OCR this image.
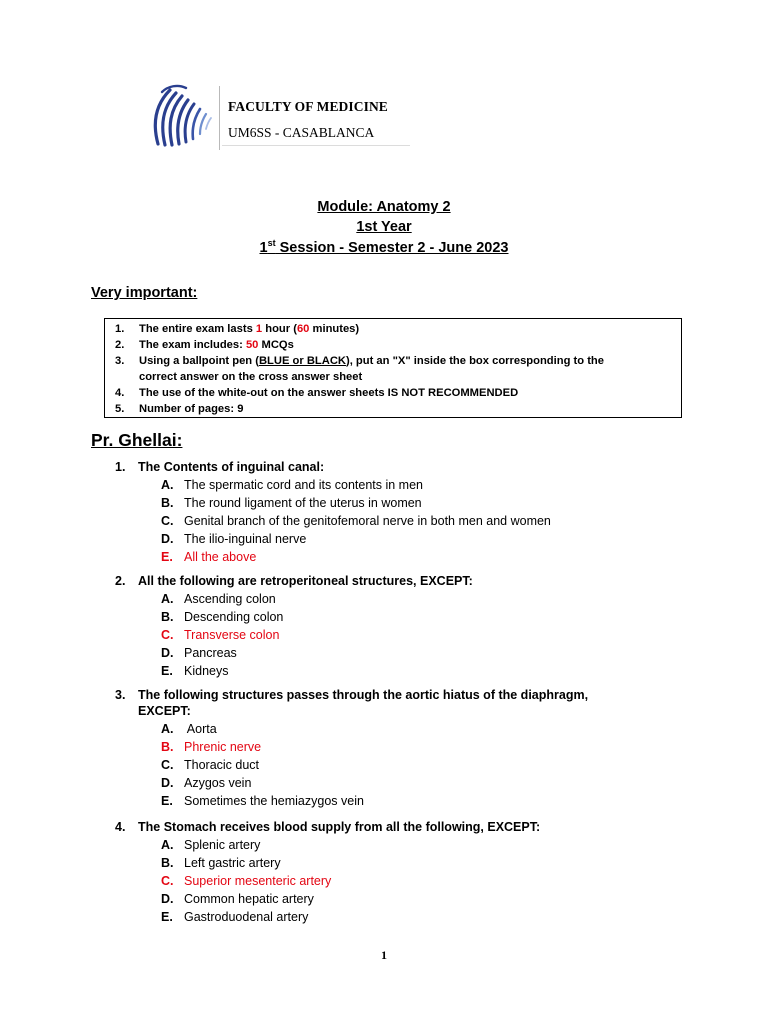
FACULTY OF MEDICINE
UM6SS - CASABLANCA
Module: Anatomy 2
1st Year
1st Session - Semester 2 - June 2023
Very important:
1. The entire exam lasts 1 hour (60 minutes)
2. The exam includes: 50 MCQs
3. Using a ballpoint pen (BLUE or BLACK), put an "X" inside the box corresponding to the
correct answer on the cross answer sheet
4. The use of the white-out on the answer sheets IS NOT RECOMMENDED
5. Number of pages: 9
Pr. Ghellai:
1. The Contents of inguinal canal:
A. The spermatic cord and its contents in men
B. The round ligament of the uterus in women
C. Genital branch of the genitofemoral nerve in both men and women
D. The ilio-inguinal nerve
E. All the above
2. All the following are retroperitoneal structures, EXCEPT:
A. Ascending colon
B. Descending colon
C. Transverse colon
D. Pancreas
E. Kidneys
3. The following structures passes through the aortic hiatus of the diaphragm,
EXCEPT:
A. Aorta
B. Phrenic nerve
C. Thoracic duct
D. Azygos vein
E. Sometimes the hemiazygos vein
4. The Stomach receives blood supply from all the following, EXCEPT:
A. Splenic artery
B. Left gastric artery
C. Superior mesenteric artery
D. Common hepatic artery
E. Gastroduodenal artery
1
